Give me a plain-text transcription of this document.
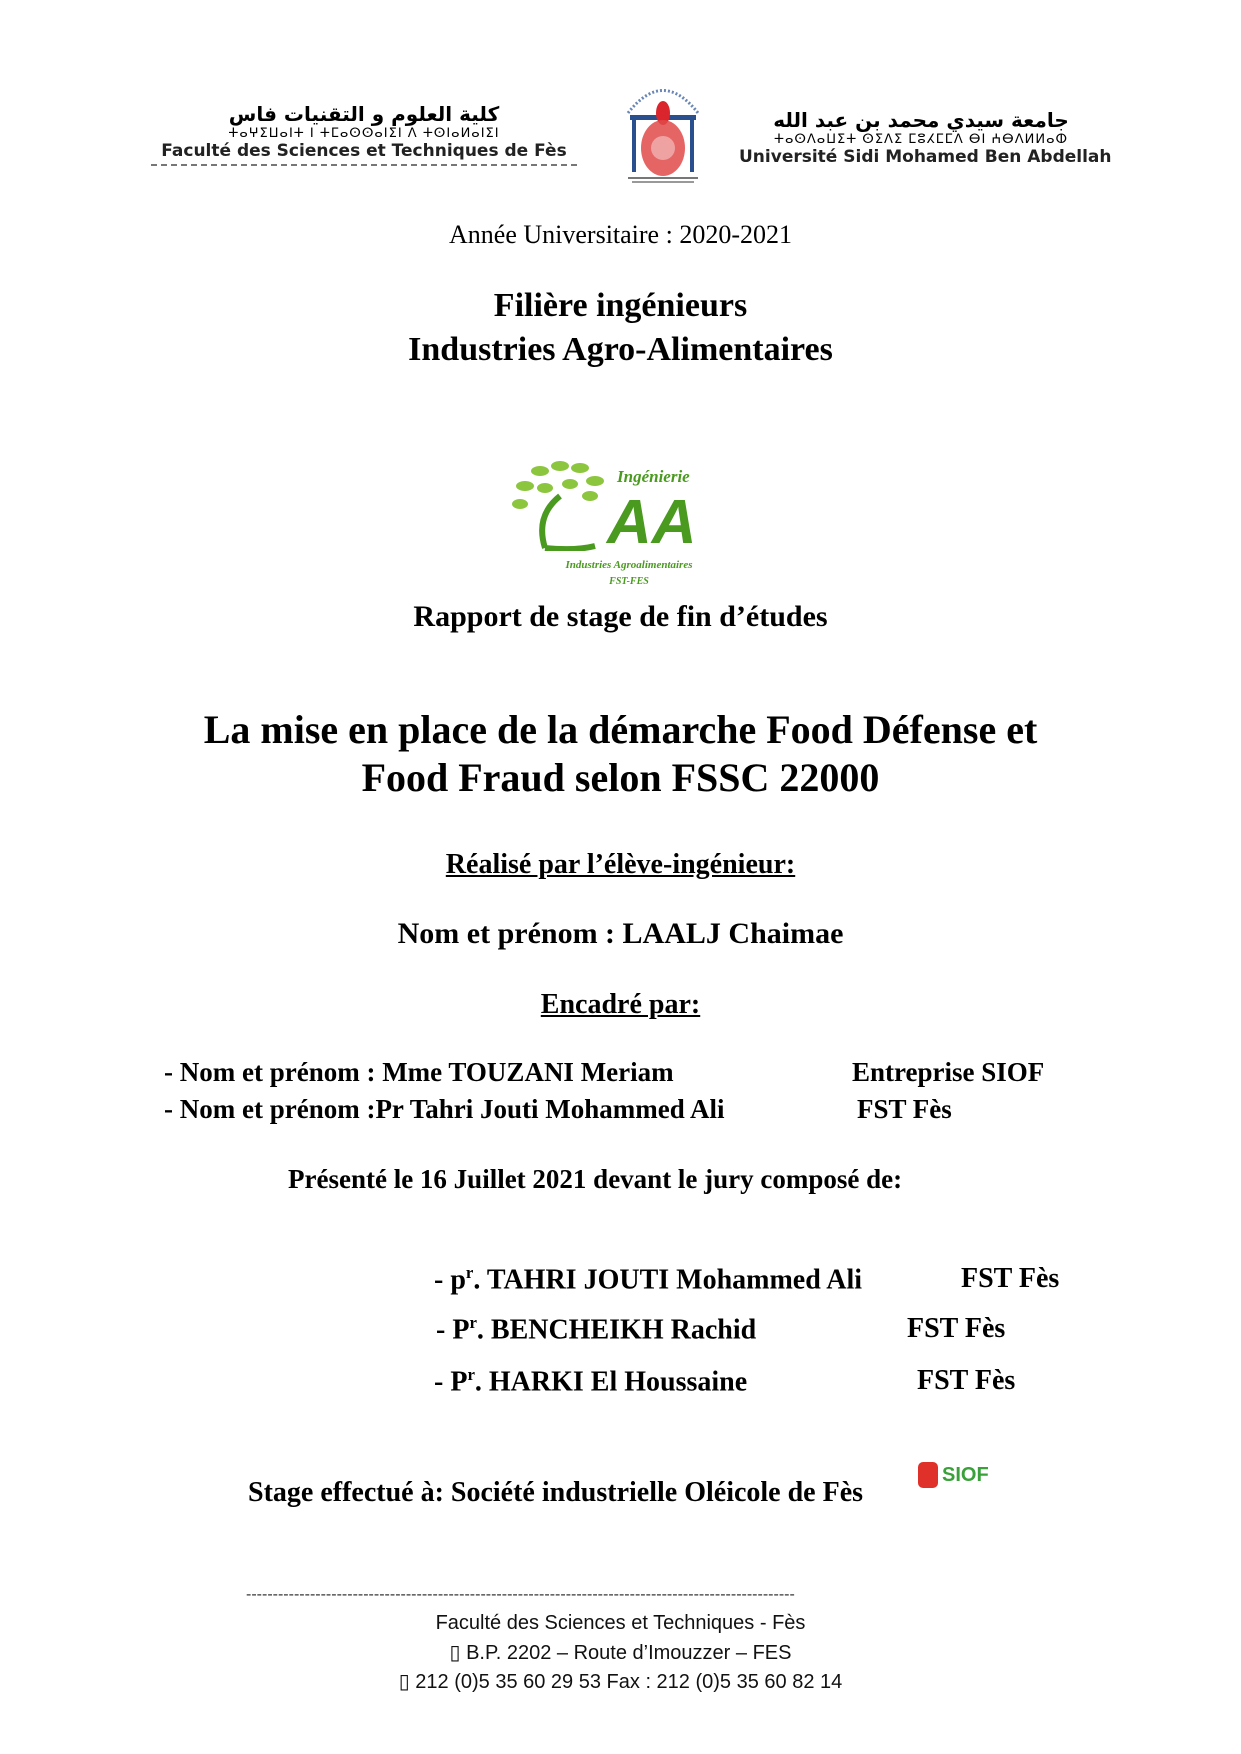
كلية العلوم و التقنيات فاس
ⵜⴰⵖⵉⵡⴰⵏⵜ ⵏ ⵜⵎⴰⵙⵙⴰⵏⵉⵏ ⴷ ⵜⵙⵏⴰⵍⴰⵏⵉⵏ
Faculté des Sciences et Techniques de Fès
جامعة سيدي محمد بن عبد الله
ⵜⴰⵙⴷⴰⵡⵉⵜ ⵙⵉⴷⵉ ⵎⵓⵃⵎⵎⴷ ⴱⵏ ⵄⴱⴷⵍⵍⴰⵀ
Université Sidi Mohamed Ben Abdellah
Année Universitaire : 2020-2021
Filière ingénieurs
Industries Agro-Alimentaires
Ingénierie
AA
Industries Agroalimentaires
FST-FES
Rapport de stage de fin d’études
La mise en place de la démarche Food Défense et
Food Fraud selon FSSC 22000
Réalisé par l’élève-ingénieur:
Nom et prénom : LAALJ Chaimae
Encadré par:
- Nom et prénom : Mme TOUZANI Meriam	Entreprise SIOF
- Nom et prénom :Pr Tahri Jouti Mohammed Ali	FST Fès
Présenté le 16 Juillet 2021 devant le jury composé de:
- $p^r$. TAHRI JOUTI Mohammed Ali	FST Fès
- $P^r$. BENCHEIKH Rachid	FST Fès
- $P^r$. HARKI El Houssaine	FST Fès
Stage effectué à: Société industrielle Oléicole de Fès
SIOF
-------------------------------------------------------------------------------------------------------
Faculté des Sciences et Techniques - Fès
▯ B.P. 2202 – Route d’Imouzzer – FES
▯ 212 (0)5 35 60 29 53 Fax : 212 (0)5 35 60 82 14
